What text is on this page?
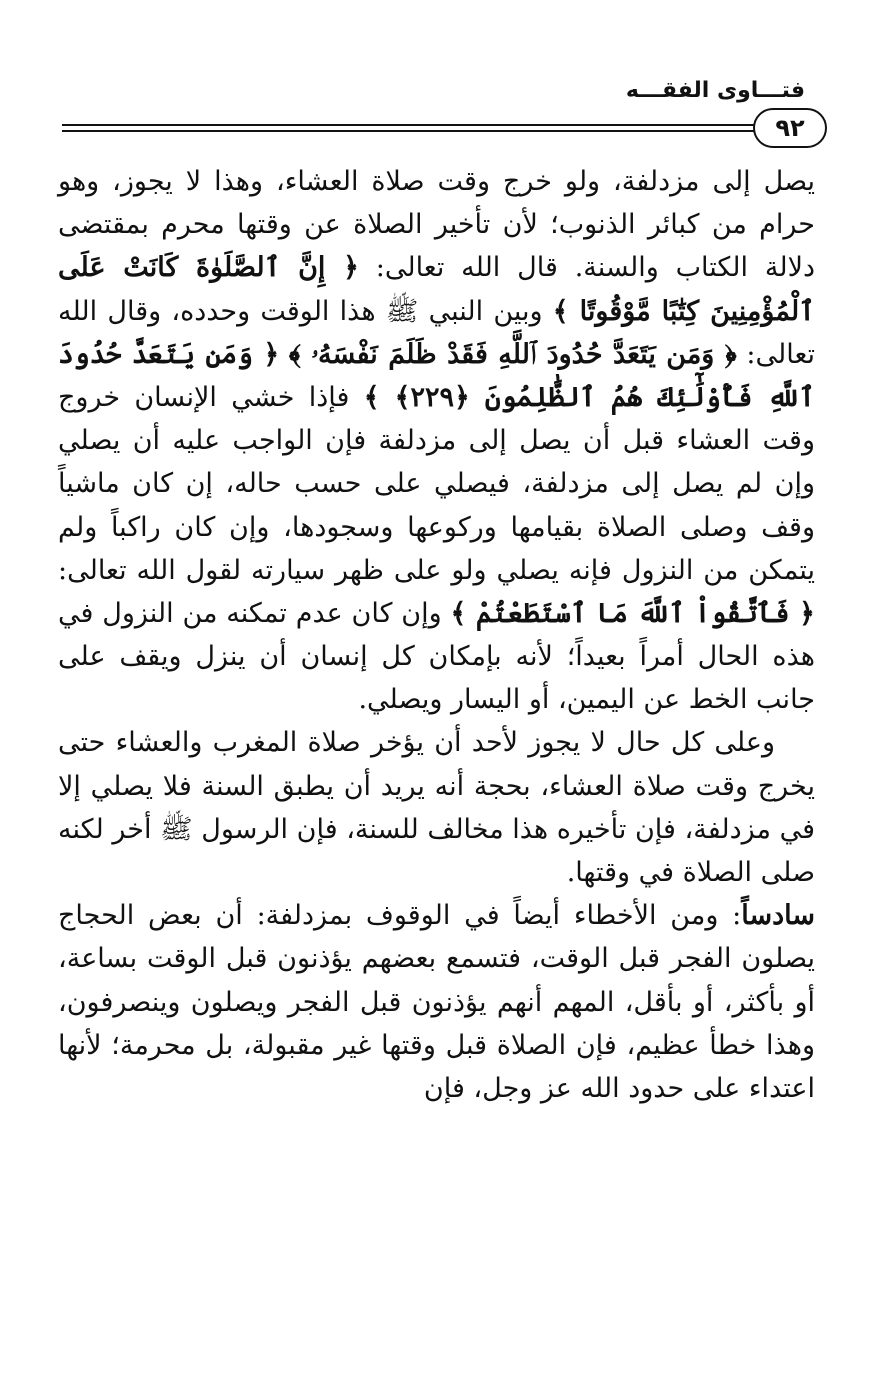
فتـــاوى الفقـــه
٩٢

يصل إلى مزدلفة، ولو خرج وقت صلاة العشاء، وهذا لا يجوز، وهو حرام من كبائر الذنوب؛ لأن تأخير الصلاة عن وقتها محرم بمقتضى دلالة الكتاب والسنة. قال الله تعالى: ﴿ إِنَّ ٱلصَّلَوٰةَ كَانَتْ عَلَى ٱلْمُؤْمِنِينَ كِتَٰبًا مَّوْقُوتًا ﴾ وبين النبي ﷺ هذا الوقت وحدده، وقال الله تعالى: ﴿ وَمَن يَتَعَدَّ حُدُودَ ٱللَّهِ فَقَدْ ظَلَمَ نَفْسَهُۥ ﴾ ﴿ وَمَن يَتَعَدَّ حُدُودَ ٱللَّهِ فَأُوْلَٰٓئِكَ هُمُ ٱلظَّٰلِمُونَ ﴿٢٢٩﴾ ﴾ فإذا خشي الإنسان خروج وقت العشاء قبل أن يصل إلى مزدلفة فإن الواجب عليه أن يصلي وإن لم يصل إلى مزدلفة، فيصلي على حسب حاله، إن كان ماشياً وقف وصلى الصلاة بقيامها وركوعها وسجودها، وإن كان راكباً ولم يتمكن من النزول فإنه يصلي ولو على ظهر سيارته لقول الله تعالى: ﴿ فَٱتَّقُواْ ٱللَّهَ مَا ٱسْتَطَعْتُمْ ﴾ وإن كان عدم تمكنه من النزول في هذه الحال أمراً بعيداً؛ لأنه بإمكان كل إنسان أن ينزل ويقف على جانب الخط عن اليمين، أو اليسار ويصلي.

وعلى كل حال لا يجوز لأحد أن يؤخر صلاة المغرب والعشاء حتى يخرج وقت صلاة العشاء، بحجة أنه يريد أن يطبق السنة فلا يصلي إلا في مزدلفة، فإن تأخيره هذا مخالف للسنة، فإن الرسول ﷺ أخر لكنه صلى الصلاة في وقتها.

سادساً: ومن الأخطاء أيضاً في الوقوف بمزدلفة: أن بعض الحجاج يصلون الفجر قبل الوقت، فتسمع بعضهم يؤذنون قبل الوقت بساعة، أو بأكثر، أو بأقل، المهم أنهم يؤذنون قبل الفجر ويصلون وينصرفون، وهذا خطأ عظيم، فإن الصلاة قبل وقتها غير مقبولة، بل محرمة؛ لأنها اعتداء على حدود الله عز وجل، فإن
